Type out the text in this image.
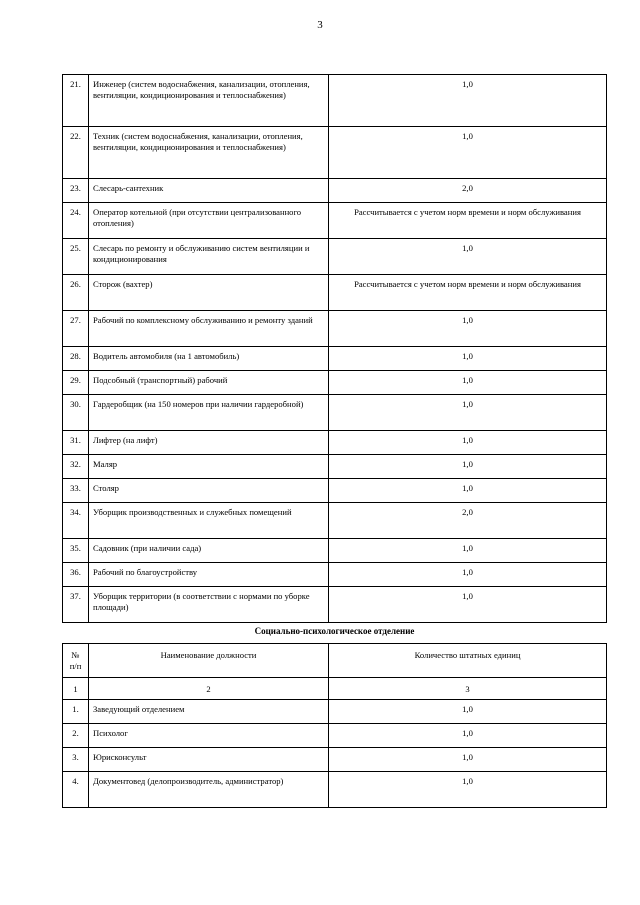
3
21.	Инженер (систем водоснабжения, канализации, отопления, вентиляции, кондиционирования и теплоснабжения)	1,0
22.	Техник (систем водоснабжения, канализации, отопления, вентиляции, кондиционирования и теплоснабжения)	1,0
23.	Слесарь-сантехник	2,0
24.	Оператор котельной (при отсутствии централизованного отопления)	Рассчитывается с учетом норм времени и норм обслуживания
25.	Слесарь по ремонту и обслуживанию систем вентиляции и кондиционирования	1,0
26.	Сторож (вахтер)	Рассчитывается с учетом норм времени и норм обслуживания
27.	Рабочий по комплексному обслуживанию и ремонту зданий	1,0
28.	Водитель автомобиля (на 1 автомобиль)	1,0
29.	Подсобный (транспортный) рабочий	1,0
30.	Гардеробщик (на 150 номеров при наличии гардеробной)	1,0
31.	Лифтер (на лифт)	1,0
32.	Маляр	1,0
33.	Столяр	1,0
34.	Уборщик производственных и служебных помещений	2,0
35.	Садовник (при наличии сада)	1,0
36.	Рабочий по благоустройству	1,0
37.	Уборщик территории (в соответствии с нормами по уборке площади)	1,0
Социально-психологическое отделение
№ п/п	Наименование должности	Количество штатных единиц
1	2	3
1.	Заведующий отделением	1,0
2.	Психолог	1,0
3.	Юрисконсульт	1,0
4.	Документовед (делопроизводитель, администратор)	1,0
